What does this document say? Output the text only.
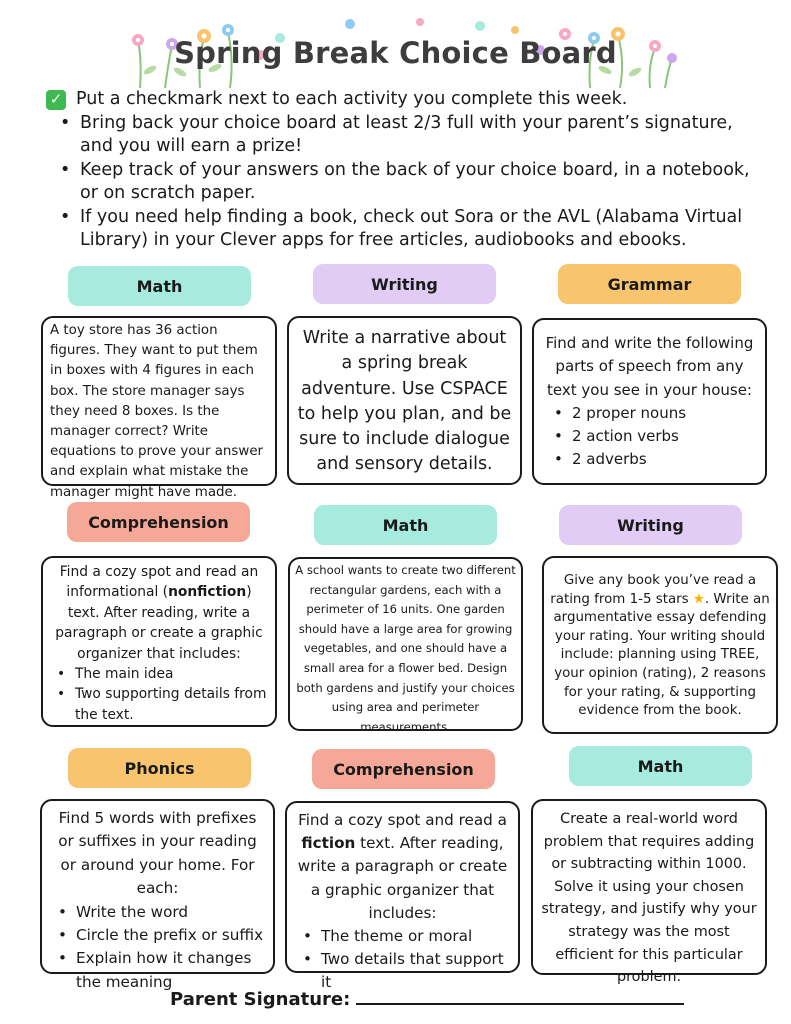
Spring Break Choice Board
✓ Put a checkmark next to each activity you complete this week.
• Bring back your choice board at least 2/3 full with your parent’s signature, and you will earn a prize!
• Keep track of your answers on the back of your choice board, in a notebook, or on scratch paper.
• If you need help finding a book, check out Sora or the AVL (Alabama Virtual Library) in your Clever apps for free articles, audiobooks and ebooks.
Math	Writing	Grammar

A toy store has 36 action figures. They want to put them in boxes with 4 figures in each box. The store manager says they need 8 boxes. Is the manager correct? Write equations to prove your answer and explain what mistake the manager might have made.

Write a narrative about a spring break adventure. Use CSPACE to help you plan, and be sure to include dialogue and sensory details.

Find and write the following parts of speech from any text you see in your house:

• 2 proper nouns
• 2 action verbs
• 2 adverbs
Comprehension	Math	Writing

Find a cozy spot and read an informational (nonfiction) text. After reading, write a paragraph or create a graphic organizer that includes:

• The main idea
• Two supporting details from the text.

A school wants to create two different rectangular gardens, each with a perimeter of 16 units. One garden should have a large area for growing vegetables, and one should have a small area for a flower bed. Design both gardens and justify your choices using area and perimeter measurements.

Give any book you’ve read a rating from 1-5 stars ★. Write an argumentative essay defending your rating. Your writing should include: planning using TREE, your opinion (rating), 2 reasons for your rating, & supporting evidence from the book.

Phonics	Comprehension	Math

Find 5 words with prefixes or suffixes in your reading or around your home. For each:

• Write the word
• Circle the prefix or suffix
• Explain how it changes the meaning

Find a cozy spot and read a fiction text. After reading, write a paragraph or create a graphic organizer that includes:

• The theme or moral
• Two details that support it

Create a real-world word problem that requires adding or subtracting within 1000. Solve it using your chosen strategy, and justify why your strategy was the most efficient for this particular problem.

Parent Signature:
